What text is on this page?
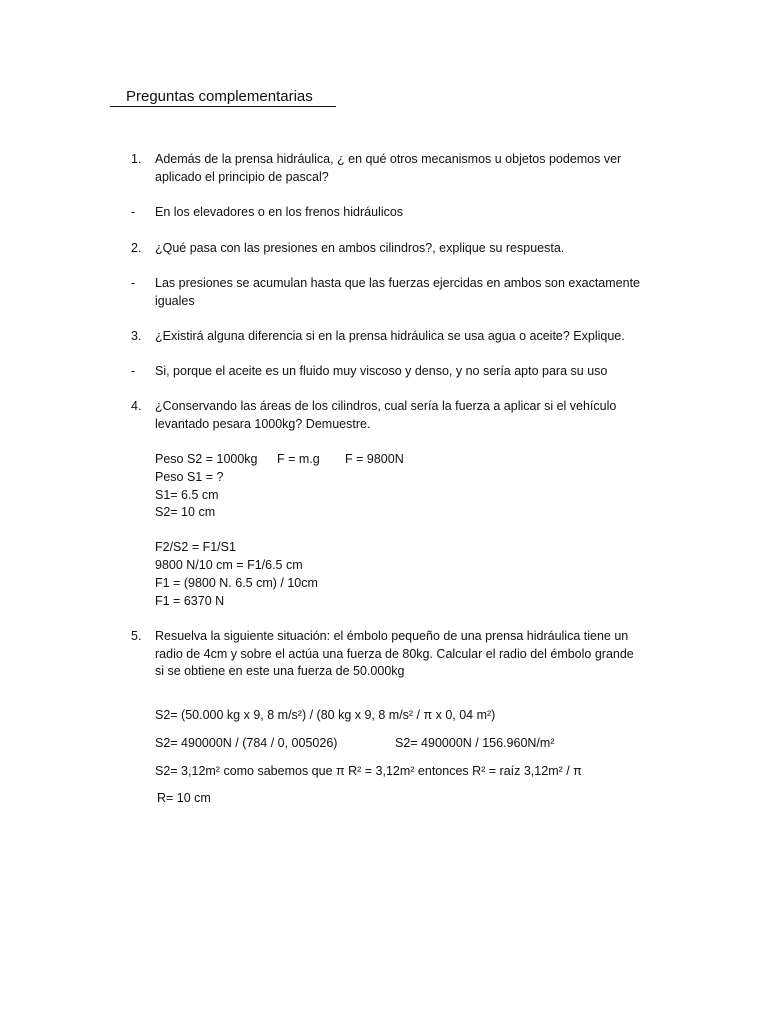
Preguntas complementarias
1. Además de la prensa hidráulica, ¿ en qué otros mecanismos u objetos podemos ver
aplicado el principio de pascal?
- En los elevadores o en los frenos hidráulicos
2. ¿Qué pasa con las presiones en ambos cilindros?, explique su respuesta.
- Las presiones se acumulan hasta que las fuerzas ejercidas en ambos son exactamente
iguales
3. ¿Existirá alguna diferencia si en la prensa hidráulica se usa agua o aceite? Explique.
- Si, porque el aceite es un fluido muy viscoso y denso, y no sería apto para su uso
4. ¿Conservando las áreas de los cilindros, cual sería la fuerza a aplicar si el vehículo
levantado pesara 1000kg? Demuestre.
Peso S2 = 1000kg F = m.g F = 9800N
Peso S1 = ?
S1= 6.5 cm
S2= 10 cm
F2/S2 = F1/S1
9800 N/10 cm = F1/6.5 cm
F1 = (9800 N. 6.5 cm) / 10cm
F1 = 6370 N
5. Resuelva la siguiente situación: el émbolo pequeño de una prensa hidráulica tiene un
radio de 4cm y sobre el actúa una fuerza de 80kg. Calcular el radio del émbolo grande
si se obtiene en este una fuerza de 50.000kg
S2= (50.000 kg x 9, 8 m/s²) / (80 kg x 9, 8 m/s² / π x 0, 04 m²)
S2= 490000N / (784 / 0, 005026)	S2= 490000N / 156.960N/m²
S2= 3,12m² como sabemos que π R² = 3,12m² entonces R² = raíz 3,12m² / π
R= 10 cm
